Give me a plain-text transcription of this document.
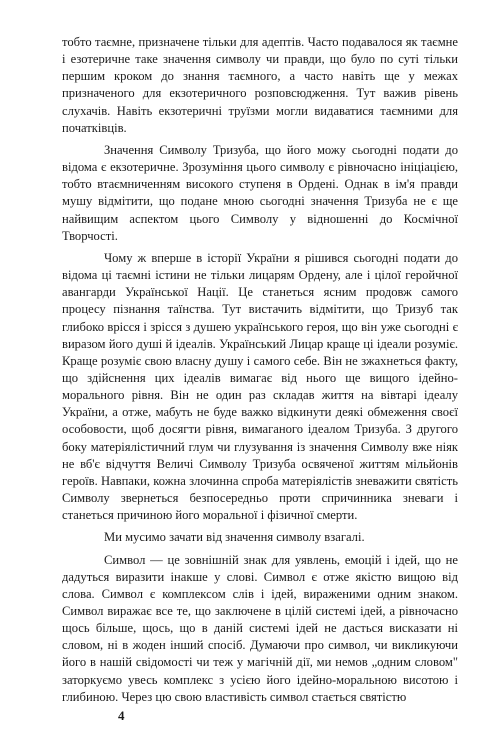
тобто таємне, призначене тільки для адептів. Часто подавалося як таємне і езотеричне таке значення символу чи правди, що було по суті тільки першим кроком до знання таємного, а часто навіть ще у межах призначеного для екзотеричного розповсюдження. Тут важив рівень слухачів. Навіть екзотеричні труїзми могли видаватися таємними для початківців.

Значення Символу Тризуба, що його можу сьогодні подати до відома є екзотеричне. Зрозуміння цього символу є рівночасно ініціацією, тобто втаємниченням високого ступеня в Ордені. Однак в ім'я правди мушу відмітити, що подане мною сьогодні значення Тризуба не є ще найвищим аспектом цього Символу у відношенні до Космічної Творчості.

Чому ж вперше в історії України я рішився сьогодні подати до відома ці таємні істини не тільки лицарям Ордену, але і цілої геройчної авангарди Української Нації. Це станеться ясним продовж самого процесу пізнання таїнства. Тут вистачить відмітити, що Тризуб так глибоко врісся і зрісся з душею українського героя, що він уже сьогодні є виразом його душі й ідеалів. Український Лицар краще ці ідеали розуміє. Краще розуміє свою власну душу і самого себе. Він не зжахнеться факту, що здійснення цих ідеалів вимагає від нього ще вищого ідейно-морального рівня. Він не один раз складав життя на вівтарі ідеалу України, а отже, мабуть не буде важко відкинути деякі обмеження своєї особовости, щоб досягти рівня, вимаганого ідеалом Тризуба. З другого боку матеріялістичний глум чи глузування із значення Символу вже ніяк не вб'є відчуття Величі Символу Тризуба освяченої життям мільйонів героїв. Навпаки, кожна злочинна спроба матеріялістів зневажити святість Символу звернеться безпосередньо проти спричинника зневаги і станеться причиною його моральної і фізичної смерти.

Ми мусимо зачати від значення символу взагалі.

Символ — це зовнішній знак для уявлень, емоцій і ідей, що не дадуться виразити інакше у слові. Символ є отже якістю вищою від слова. Символ є комплексом слів і ідей, вираженими одним знаком. Символ виражає все те, що заключене в цілій системі ідей, а рівночасно щось більше, щось, що в даній системі ідей не дасться висказати ні словом, ні в жоден інший спосіб. Думаючи про символ, чи викликуючи його в нашій свідомості чи теж у магічній дії, ми немов „одним словом" заторкуємо увесь комплекс з усією його ідейно-моральною висотою і глибиною. Через цю свою властивість символ стається святістю

4
